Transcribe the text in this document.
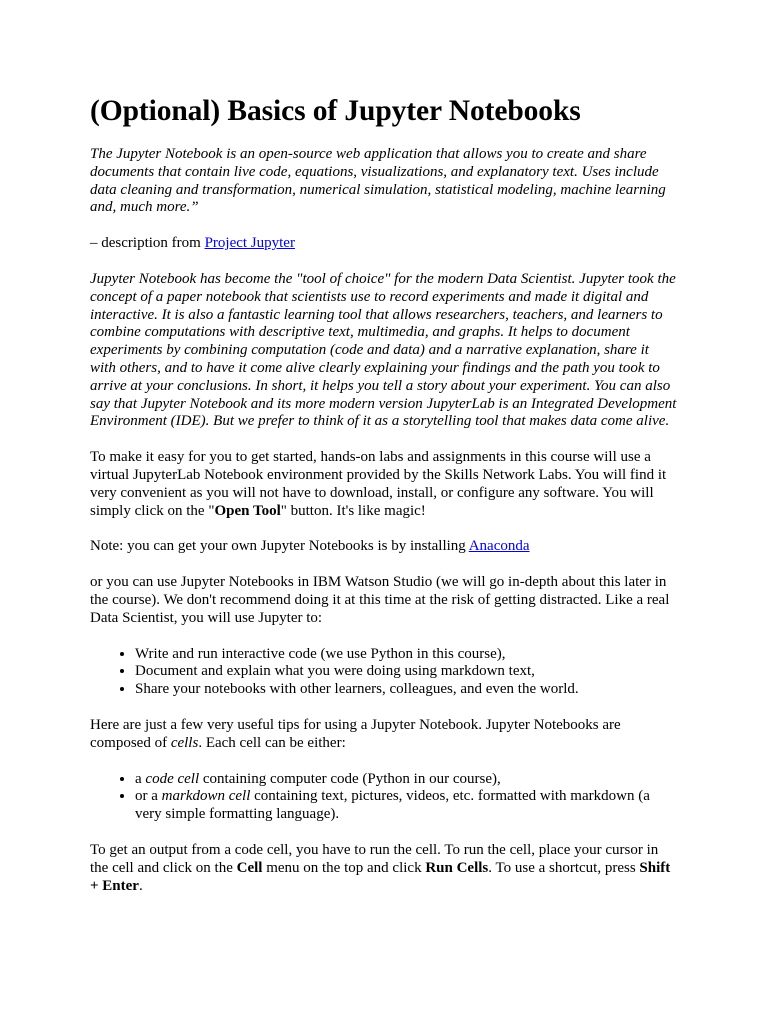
(Optional) Basics of Jupyter Notebooks

The Jupyter Notebook is an open-source web application that allows you to create and share documents that contain live code, equations, visualizations, and explanatory text. Uses include data cleaning and transformation, numerical simulation, statistical modeling, machine learning and, much more.”

– description from Project Jupyter

Jupyter Notebook has become the "tool of choice" for the modern Data Scientist. Jupyter took the concept of a paper notebook that scientists use to record experiments and made it digital and interactive. It is also a fantastic learning tool that allows researchers, teachers, and learners to combine computations with descriptive text, multimedia, and graphs. It helps to document experiments by combining computation (code and data) and a narrative explanation, share it with others, and to have it come alive clearly explaining your findings and the path you took to arrive at your conclusions. In short, it helps you tell a story about your experiment. You can also say that Jupyter Notebook and its more modern version JupyterLab is an Integrated Development Environment (IDE). But we prefer to think of it as a storytelling tool that makes data come alive.

To make it easy for you to get started, hands-on labs and assignments in this course will use a virtual JupyterLab Notebook environment provided by the Skills Network Labs. You will find it very convenient as you will not have to download, install, or configure any software. You will simply click on the "Open Tool" button. It's like magic!

Note: you can get your own Jupyter Notebooks is by installing Anaconda

or you can use Jupyter Notebooks in IBM Watson Studio (we will go in-depth about this later in the course). We don't recommend doing it at this time at the risk of getting distracted. Like a real Data Scientist, you will use Jupyter to:

• Write and run interactive code (we use Python in this course),
• Document and explain what you were doing using markdown text,
• Share your notebooks with other learners, colleagues, and even the world.

Here are just a few very useful tips for using a Jupyter Notebook. Jupyter Notebooks are composed of cells. Each cell can be either:

• a code cell containing computer code (Python in our course),
• or a markdown cell containing text, pictures, videos, etc. formatted with markdown (a very simple formatting language).

To get an output from a code cell, you have to run the cell. To run the cell, place your cursor in the cell and click on the Cell menu on the top and click Run Cells. To use a shortcut, press Shift + Enter.
